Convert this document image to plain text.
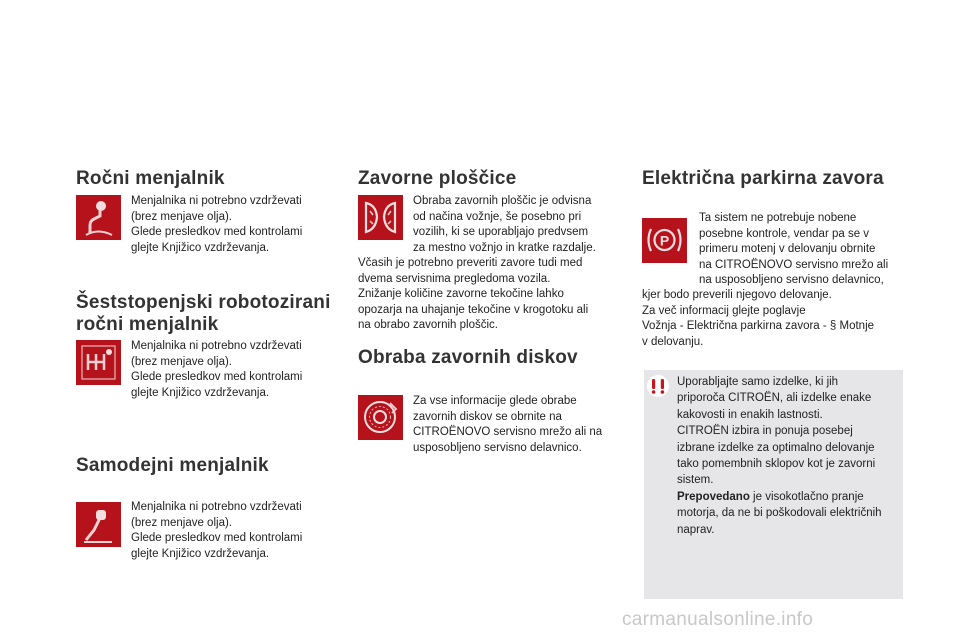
Ročni menjalnik

Menjalnika ni potrebno vzdrževati

(brez menjave olja).

Glede presledkov med kontrolami

glejte Knjižico vzdrževanja.

Šeststopenjski robotozirani
ročni menjalnik

Menjalnika ni potrebno vzdrževati

(brez menjave olja).

Glede presledkov med kontrolami

glejte Knjižico vzdrževanja.

Samodejni menjalnik

Menjalnika ni potrebno vzdrževati

(brez menjave olja).

Glede presledkov med kontrolami

glejte Knjižico vzdrževanja.

Zavorne ploščice

Obraba zavornih ploščic je odvisna

od načina vožnje, še posebno pri

vozilih, ki se uporabljajo predvsem

za mestno vožnjo in kratke razdalje.

Včasih je potrebno preveriti zavore tudi med

dvema servisnima pregledoma vozila.

Znižanje količine zavorne tekočine lahko

opozarja na uhajanje tekočine v krogotoku ali

na obrabo zavornih ploščic.

Obraba zavornih diskov

Za vse informacije glede obrabe

zavornih diskov se obrnite na

CITROËNOVO servisno mrežo ali na

usposobljeno servisno delavnico.

Električna parkirna zavora
P

Ta sistem ne potrebuje nobene

posebne kontrole, vendar pa se v

primeru motenj v delovanju obrnite

na CITROËNOVO servisno mrežo ali

na usposobljeno servisno delavnico,

kjer bodo preverili njegovo delovanje.

Za več informacij glejte poglavje

Vožnja - Električna parkirna zavora - § Motnje

v delovanju.

Uporabljajte samo izdelke, ki jih

priporoča CITROËN, ali izdelke enake

kakovosti in enakih lastnosti.

CITROËN izbira in ponuja posebej

izbrane izdelke za optimalno delovanje

tako pomembnih sklopov kot je zavorni

sistem.

Prepovedano je visokotlačno pranje

motorja, da ne bi poškodovali električnih

naprav.

carmanualsonline.info
